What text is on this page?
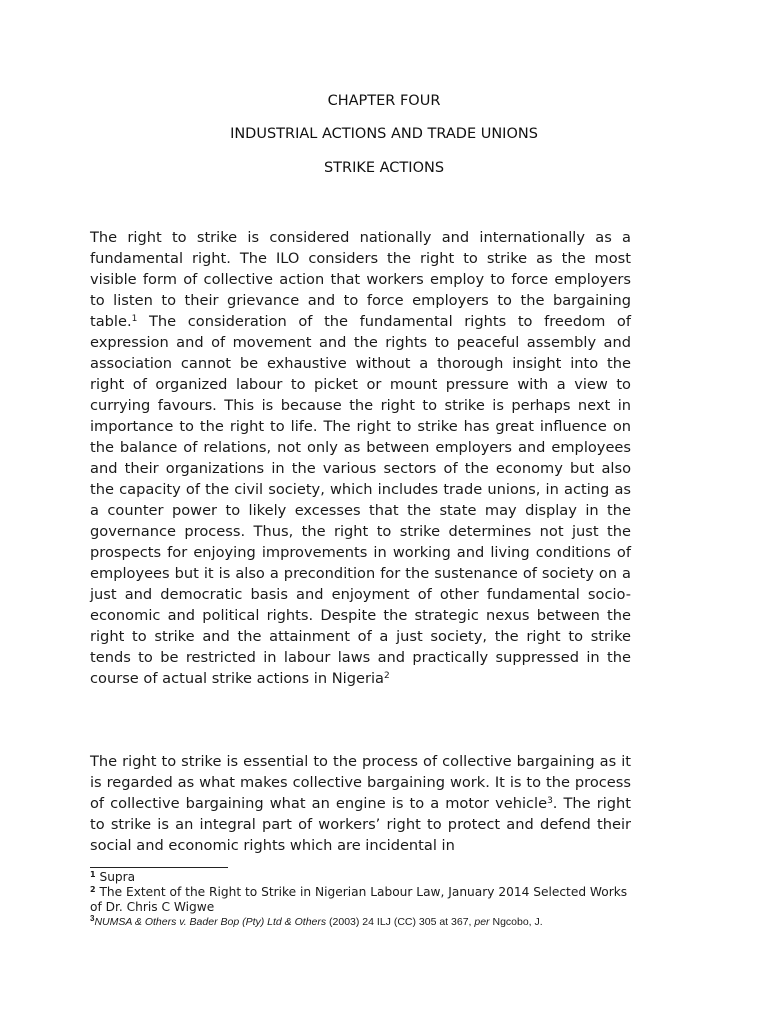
CHAPTER FOUR
INDUSTRIAL ACTIONS AND TRADE UNIONS
STRIKE ACTIONS

The right to strike is considered nationally and internationally as a fundamental right. The ILO considers the right to strike as the most visible form of collective action that workers employ to force employers to listen to their grievance and to force employers to the bargaining table.$^1$ The consideration of the fundamental rights to freedom of expression and of movement and the rights to peaceful assembly and association cannot be exhaustive without a thorough insight into the right of organized labour to picket or mount pressure with a view to currying favours. This is because the right to strike is perhaps next in importance to the right to life. The right to strike has great influence on the balance of relations, not only as between employers and employees and their organizations in the various sectors of the economy but also the capacity of the civil society, which includes trade unions, in acting as a counter power to likely excesses that the state may display in the governance process. Thus, the right to strike determines not just the prospects for enjoying improvements in working and living conditions of employees but it is also a precondition for the sustenance of society on a just and democratic basis and enjoyment of other fundamental socio-economic and political rights. Despite the strategic nexus between the right to strike and the attainment of a just society, the right to strike tends to be restricted in labour laws and practically suppressed in the course of actual strike actions in Nigeria$^2$

The right to strike is essential to the process of collective bargaining as it is regarded as what makes collective bargaining work. It is to the process of collective bargaining what an engine is to a motor vehicle$^3$. The right to strike is an integral part of workers’ right to protect and defend their social and economic rights which are incidental in

$^1$ Supra
$^2$ The Extent of the Right to Strike in Nigerian Labour Law, January 2014 Selected Works of Dr. Chris C Wigwe
$^3$NUMSA & Others v. Bader Bop (Pty) Ltd & Others (2003) 24 ILJ (CC) 305 at 367, per Ngcobo, J.
